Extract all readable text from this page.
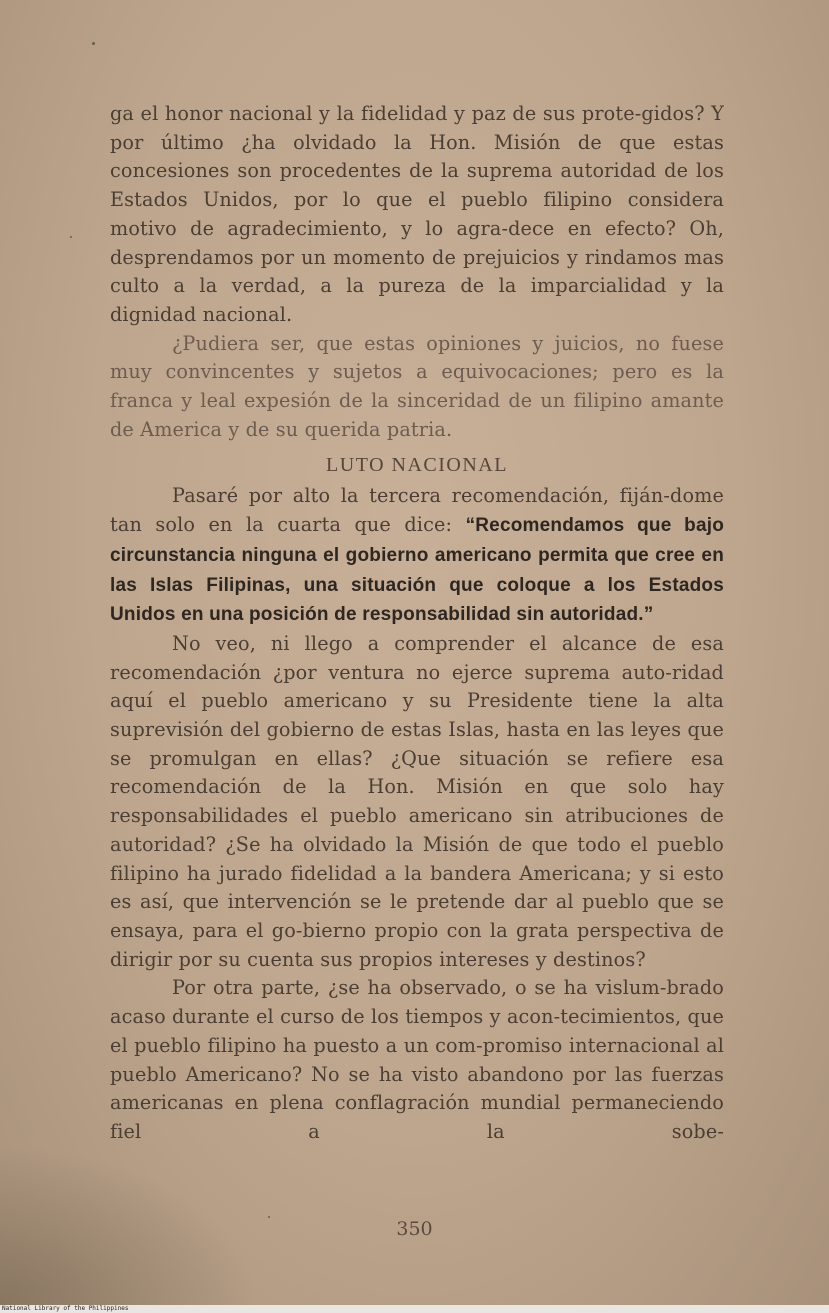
ga el honor nacional y la fidelidad y paz de sus prote-gidos? Y por último ¿ha olvidado la Hon. Misión de que estas concesiones son procedentes de la suprema autoridad de los Estados Unidos, por lo que el pueblo filipino considera motivo de agradecimiento, y lo agra-dece en efecto? Oh, desprendamos por un momento de prejuicios y rindamos mas culto a la verdad, a la pureza de la imparcialidad y la dignidad nacional.

¿Pudiera ser, que estas opiniones y juicios, no fuese muy convincentes y sujetos a equivocaciones; pero es la franca y leal expesión de la sinceridad de un filipino amante de America y de su querida patria.

LUTO NACIONAL

Pasaré por alto la tercera recomendación, fiján-dome tan solo en la cuarta que dice: “Recomendamos que bajo circunstancia ninguna el gobierno americano permita que cree en las Islas Filipinas, una situación que coloque a los Estados Unidos en una posición de responsabilidad sin autoridad.”

No veo, ni llego a comprender el alcance de esa recomendación ¿por ventura no ejerce suprema auto-ridad aquí el pueblo americano y su Presidente tiene la alta suprevisión del gobierno de estas Islas, hasta en las leyes que se promulgan en ellas? ¿Que situación se refiere esa recomendación de la Hon. Misión en que solo hay responsabilidades el pueblo americano sin atribuciones de autoridad? ¿Se ha olvidado la Misión de que todo el pueblo filipino ha jurado fidelidad a la bandera Americana; y si esto es así, que intervención se le pretende dar al pueblo que se ensaya, para el go-bierno propio con la grata perspectiva de dirigir por su cuenta sus propios intereses y destinos?

Por otra parte, ¿se ha observado, o se ha vislum-brado acaso durante el curso de los tiempos y acon-tecimientos, que el pueblo filipino ha puesto a un com-promiso internacional al pueblo Americano? No se ha visto abandono por las fuerzas americanas en plena conflagración mundial permaneciendo fiel a la sobe-

350
National Library of the Philippines
